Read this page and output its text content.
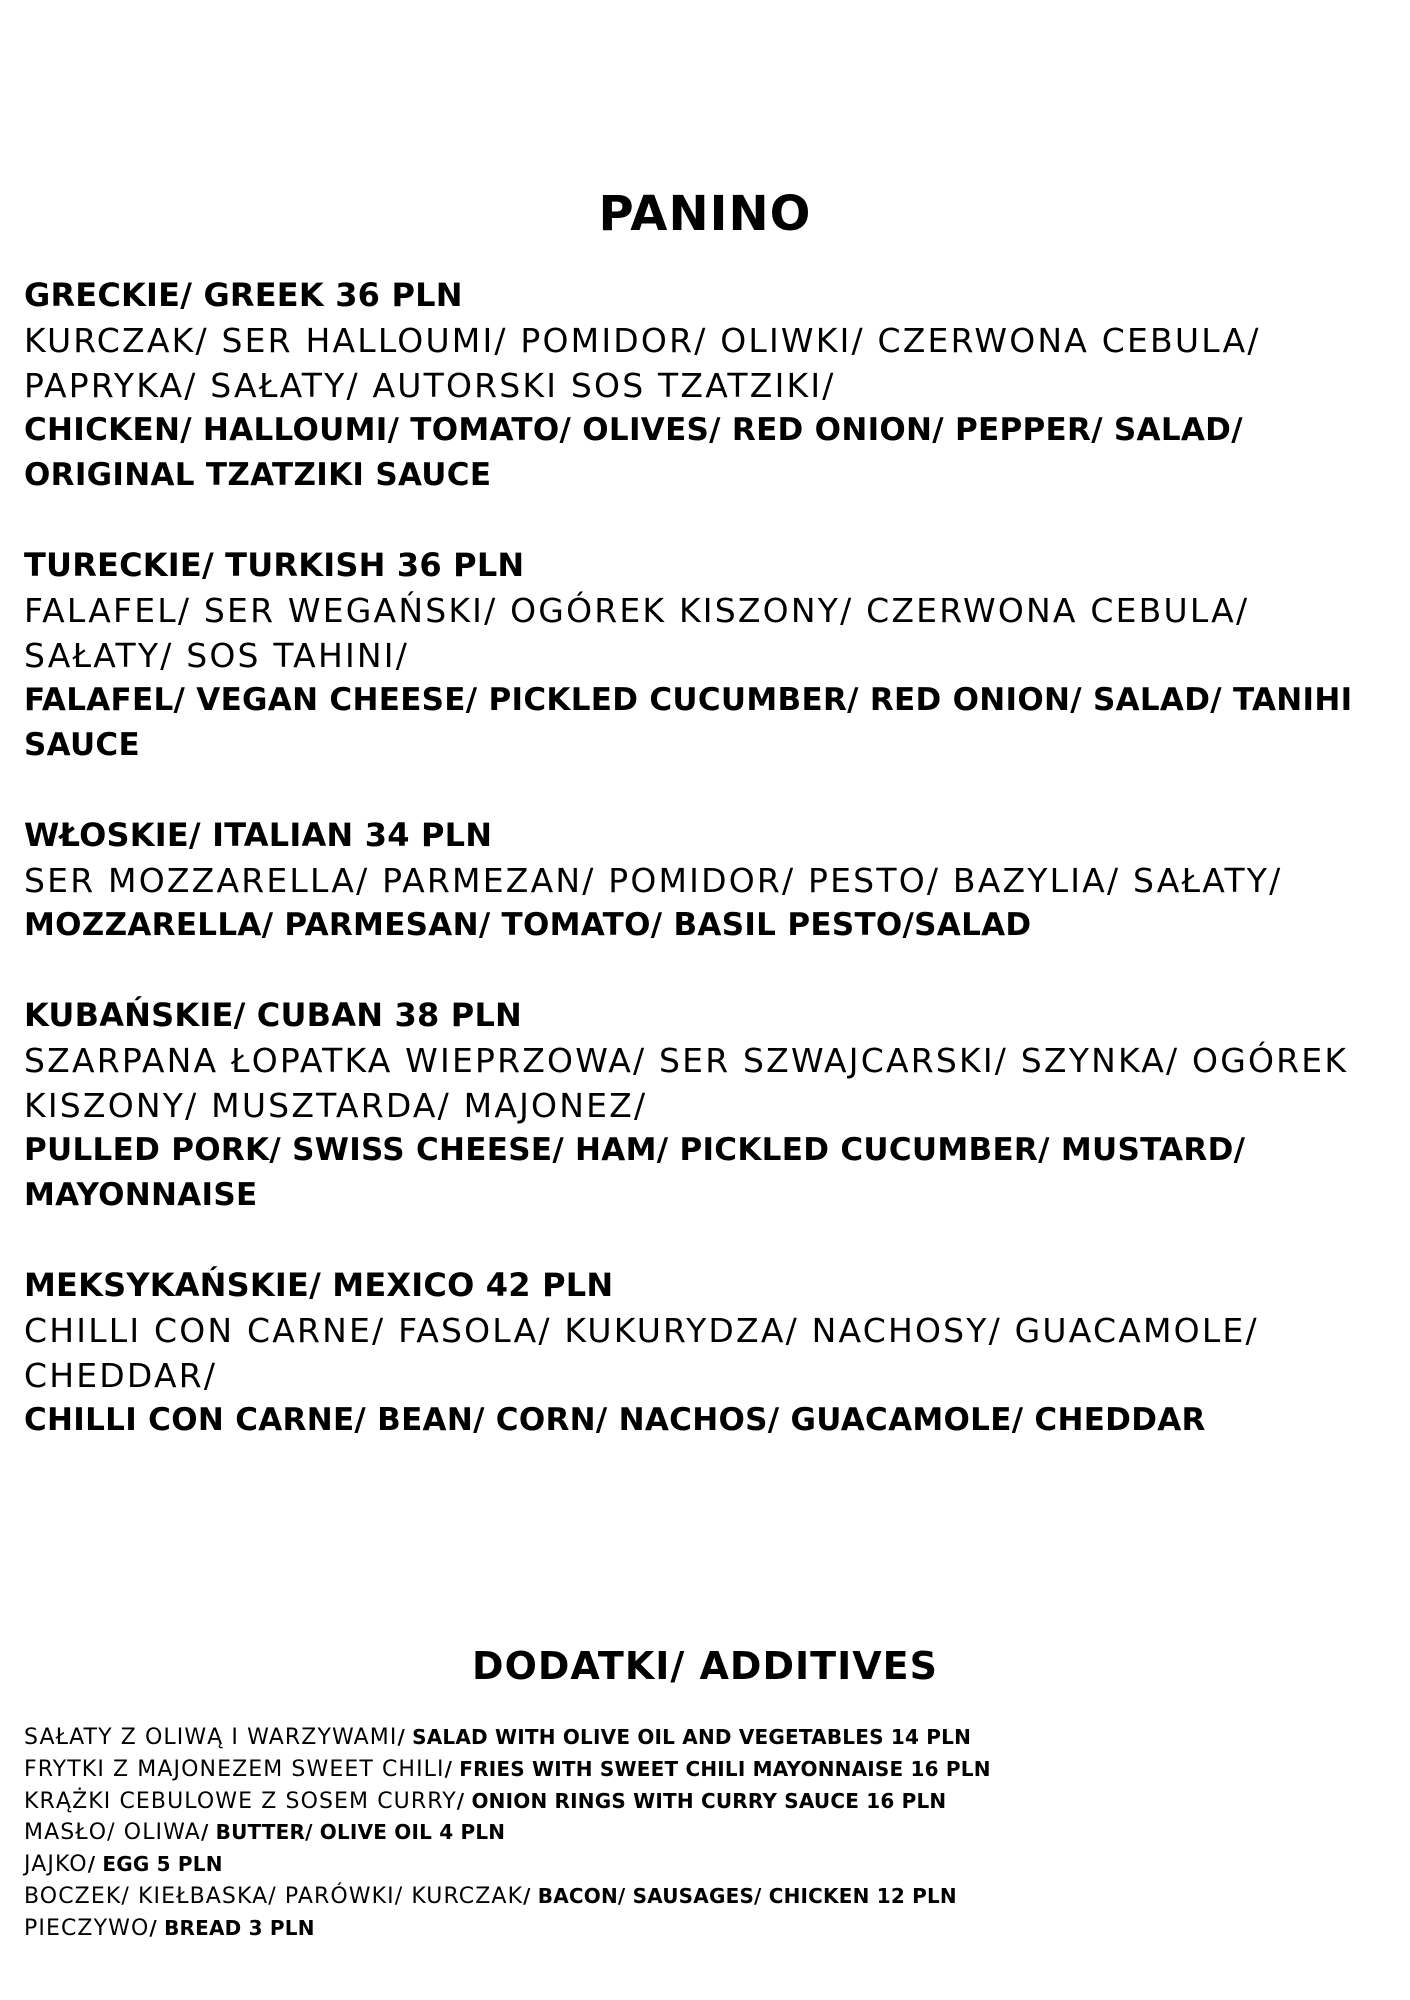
PANINO
GRECKIE/ GREEK 36 PLN
KURCZAK/ SER HALLOUMI/ POMIDOR/ OLIWKI/ CZERWONA CEBULA/ PAPRYKA/ SAŁATY/ AUTORSKI SOS TZATZIKI/
CHICKEN/ HALLOUMI/ TOMATO/ OLIVES/ RED ONION/ PEPPER/ SALAD/ ORIGINAL TZATZIKI SAUCE
TURECKIE/ TURKISH 36 PLN
FALAFEL/ SER WEGAŃSKI/ OGÓREK KISZONY/ CZERWONA CEBULA/ SAŁATY/ SOS TAHINI/
FALAFEL/ VEGAN CHEESE/ PICKLED CUCUMBER/ RED ONION/ SALAD/ TANIHI SAUCE
WŁOSKIE/ ITALIAN 34 PLN
SER MOZZARELLA/ PARMEZAN/ POMIDOR/ PESTO/ BAZYLIA/ SAŁATY/
MOZZARELLA/ PARMESAN/ TOMATO/ BASIL PESTO/SALAD
KUBAŃSKIE/ CUBAN 38 PLN
SZARPANA ŁOPATKA WIEPRZOWA/ SER SZWAJCARSKI/ SZYNKA/ OGÓREK KISZONY/ MUSZTARDA/ MAJONEZ/
PULLED PORK/ SWISS CHEESE/ HAM/ PICKLED CUCUMBER/ MUSTARD/ MAYONNAISE
MEKSYKAŃSKIE/ MEXICO 42 PLN
CHILLI CON CARNE/ FASOLA/ KUKURYDZA/ NACHOSY/ GUACAMOLE/ CHEDDAR/
CHILLI CON CARNE/ BEAN/ CORN/ NACHOS/ GUACAMOLE/ CHEDDAR
DODATKI/ ADDITIVES
SAŁATY Z OLIWĄ I WARZYWAMI/ SALAD WITH OLIVE OIL AND VEGETABLES 14 PLN
FRYTKI Z MAJONEZEM SWEET CHILI/ FRIES WITH SWEET CHILI MAYONNAISE 16 PLN
KRĄŻKI CEBULOWE Z SOSEM CURRY/ ONION RINGS WITH CURRY SAUCE 16 PLN
MASŁO/ OLIWA/ BUTTER/ OLIVE OIL 4 PLN
JAJKO/ EGG 5 PLN
BOCZEK/ KIEŁBASKA/ PARÓWKI/ KURCZAK/ BACON/ SAUSAGES/ CHICKEN 12 PLN
PIECZYWO/ BREAD 3 PLN
